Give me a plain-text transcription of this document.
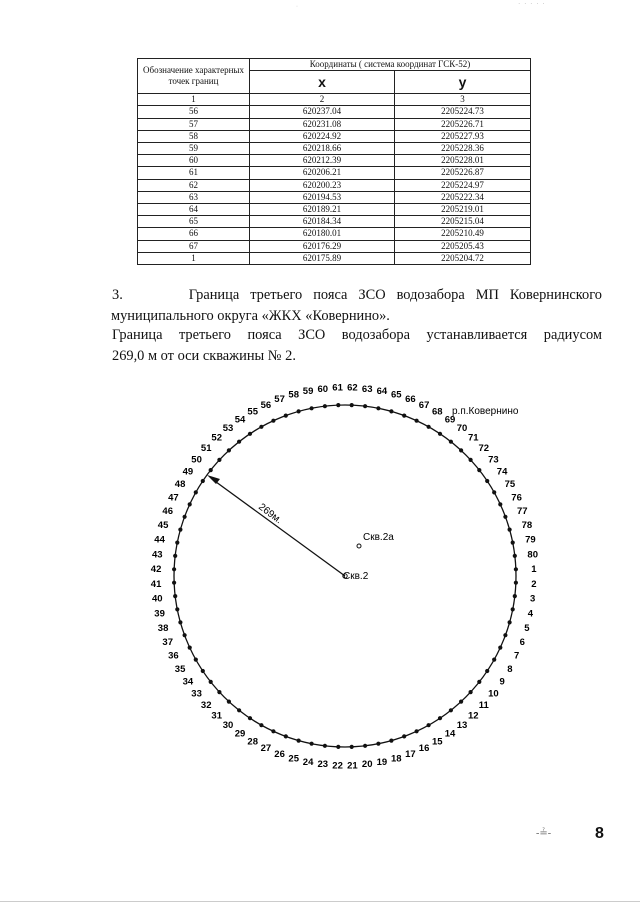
· · · · ·
·
Обозначение характерных точек границ	Координаты ( система координат ГСК-52)	
	x	y
1	2	3
56	620237.04	2205224.73
57	620231.08	2205226.71
58	620224.92	2205227.93
59	620218.66	2205228.36
60	620212.39	2205228.01
61	620206.21	2205226.87
62	620200.23	2205224.97
63	620194.53	2205222.34
64	620189.21	2205219.01
65	620184.34	2205215.04
66	620180.01	2205210.49
67	620176.29	2205205.43
1	620175.89	2205204.72
3.	Граница третьего пояса ЗСО водозабора МП Ковернинского
муниципального округа «ЖКХ «Ковернино».
Граница третьего пояса ЗСО водозабора устанавливается радиусом
269,0 м от оси скважины № 2.
1
2
3
4
5
6
7
8
9
10
11
12
13
14
15
16
17
18
19
20
21
22
23
24
25
26
27
28
29
30
31
32
33
34
35
36
37
38
39
40
41
42
43
44
45
46
47
48
49
50
51
52
53
54
55
56
57 58 59 60 61 62 63 64 65 66
67
68
69
70
71
72
73
74
75
76
77
78
79
80
269м.
Скв.2
Скв.2а
р.п.Ковернино
-≟-	8
